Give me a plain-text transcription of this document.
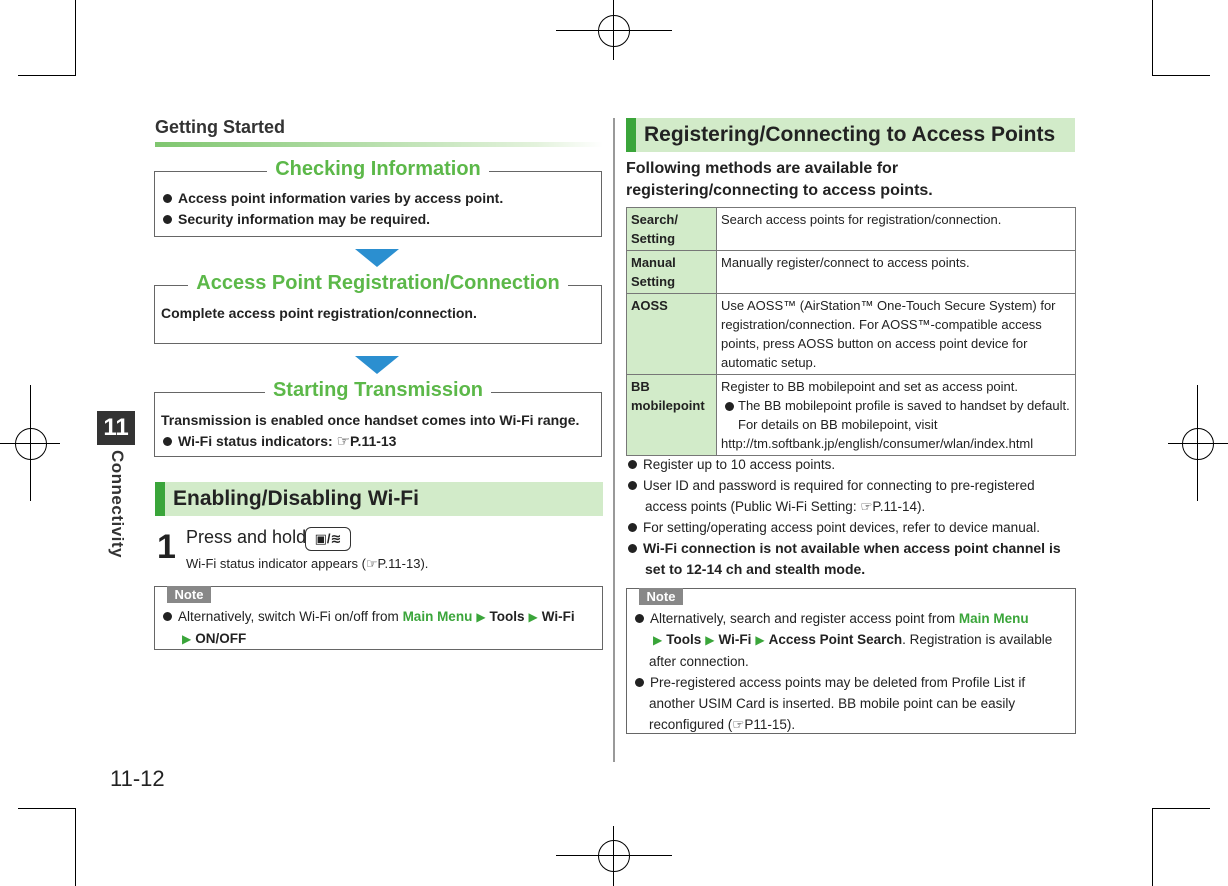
11
Connectivity
11-12
Getting Started
Checking Information
Access point information varies by access point.
Security information may be required.
Access Point Registration/Connection
Complete access point registration/connection.
Starting Transmission
Transmission is enabled once handset comes into Wi-Fi range.
Wi-Fi status indicators: ☞P.11-13
Enabling/Disabling Wi-Fi
1 Press and hold ▣/≋
Wi-Fi status indicator appears (☞P.11-13).
Note
Alternatively, switch Wi-Fi on/off from Main Menu ▶ Tools ▶ Wi-Fi
▶ ON/OFF
Registering/Connecting to Access Points
Following methods are available for registering/connecting to access points.
Search/ Setting	Search access points for registration/connection.
Manual Setting	Manually register/connect to access points.
AOSS	Use AOSS™ (AirStation™ One-Touch Secure System) for registration/connection. For AOSS™-compatible access points, press AOSS button on access point device for automatic setup.
BB mobilepoint	Register to BB mobilepoint and set as access point.
The BB mobilepoint profile is saved to handset by default. For details on BB mobilepoint, visit
http://tm.softbank.jp/english/consumer/wlan/index.html
Register up to 10 access points.
User ID and password is required for connecting to pre-registered access points (Public Wi-Fi Setting: ☞P.11-14).
For setting/operating access point devices, refer to device manual.
Wi-Fi connection is not available when access point channel is set to 12-14 ch and stealth mode.
Note
Alternatively, search and register access point from Main Menu ▶ Tools ▶ Wi-Fi ▶ Access Point Search. Registration is available after connection.
Pre-registered access points may be deleted from Profile List if another USIM Card is inserted. BB mobile point can be easily reconfigured (☞P11-15).
